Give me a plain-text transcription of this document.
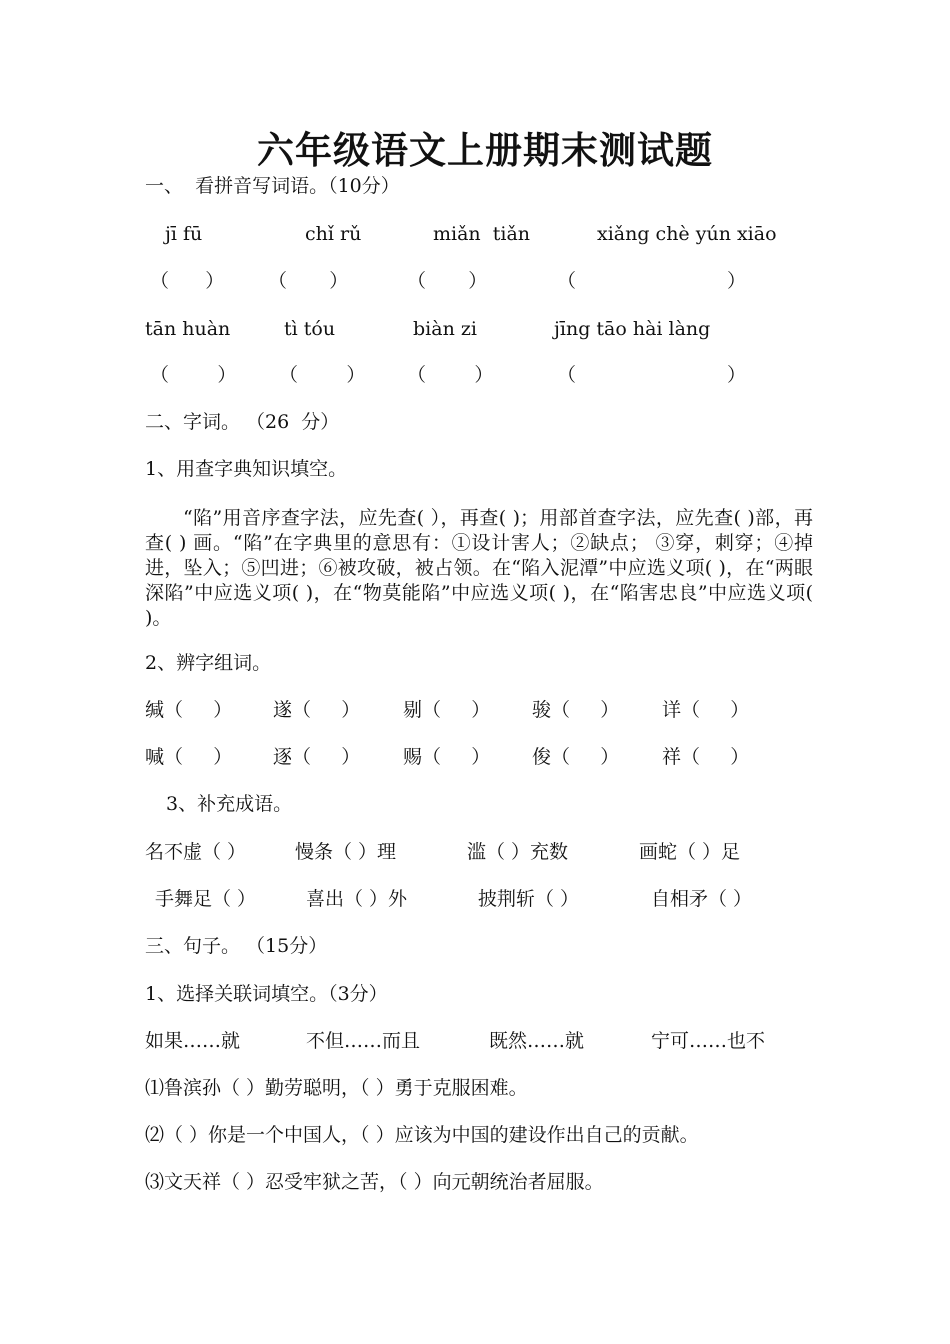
六年级语文上册期末测试题
一、  看拼音写词语。（10分）
jī fū	chǐ rǔ	miǎn  tiǎn	xiǎng chè yún xiāo
（      ） （       ）	（       ）	（                         ）
tān huàn	tì tóu	biàn zi	jīng tāo hài làng
（        ） （        ） （        ）	（                         ）
二、字词。 （26  分）
1、用查字典知识填空。
“陷”用音序查字法，应先查( ），再查( )；用部首查字法，应先查( )部，再查( ) 画。“陷”在字典里的意思有：①设计害人；②缺点； ③穿，刺穿；④掉进，坠入；⑤凹进；⑥被攻破，被占领。在“陷入泥潭”中应选义项( )，在“两眼深陷”中应选义项( )，在“物莫能陷”中应选义项( )，在“陷害忠良”中应选义项( )。
2、辨字组词。
缄（     ） 遂（     ） 剔（     ） 骏（     ） 详（     ）
喊（     ） 逐（     ） 赐（     ） 俊（     ） 祥（     ）
3、补充成语。
名不虚（ ）	慢条（ ）理	滥（ ）充数	画蛇（ ）足
手舞足（ ）	喜出（ ）外	披荆斩（ ）	自相矛（ ）
三、句子。 （15分）
1、选择关联词填空。（3分）
如果……就	不但……而且	既然……就	宁可……也不
⑴鲁滨孙（ ）勤劳聪明，（ ）勇于克服困难。
⑵（ ）你是一个中国人，（ ）应该为中国的建设作出自己的贡献。
⑶文天祥（ ）忍受牢狱之苦，（ ）向元朝统治者屈服。
